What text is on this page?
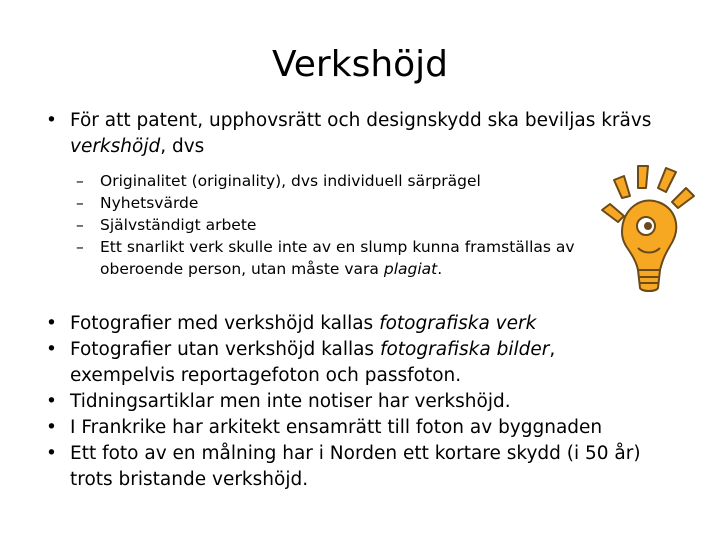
Verkshöjd
• För att patent, upphovsrätt och designskydd ska beviljas krävs
verkshöjd, dvs
– Originalitet (originality), dvs individuell särprägel
– Nyhetsvärde
– Självständigt arbete
– Ett snarlikt verk skulle inte av en slump kunna framställas av
oberoende person, utan måste vara plagiat.
• Fotografier med verkshöjd kallas fotografiska verk
• Fotografier utan verkshöjd kallas fotografiska bilder,
exempelvis reportagefoton och passfoton.
• Tidningsartiklar men inte notiser har verkshöjd.
• I Frankrike har arkitekt ensamrätt till foton av byggnaden
• Ett foto av en målning har i Norden ett kortare skydd (i 50 år)
trots bristande verkshöjd.
